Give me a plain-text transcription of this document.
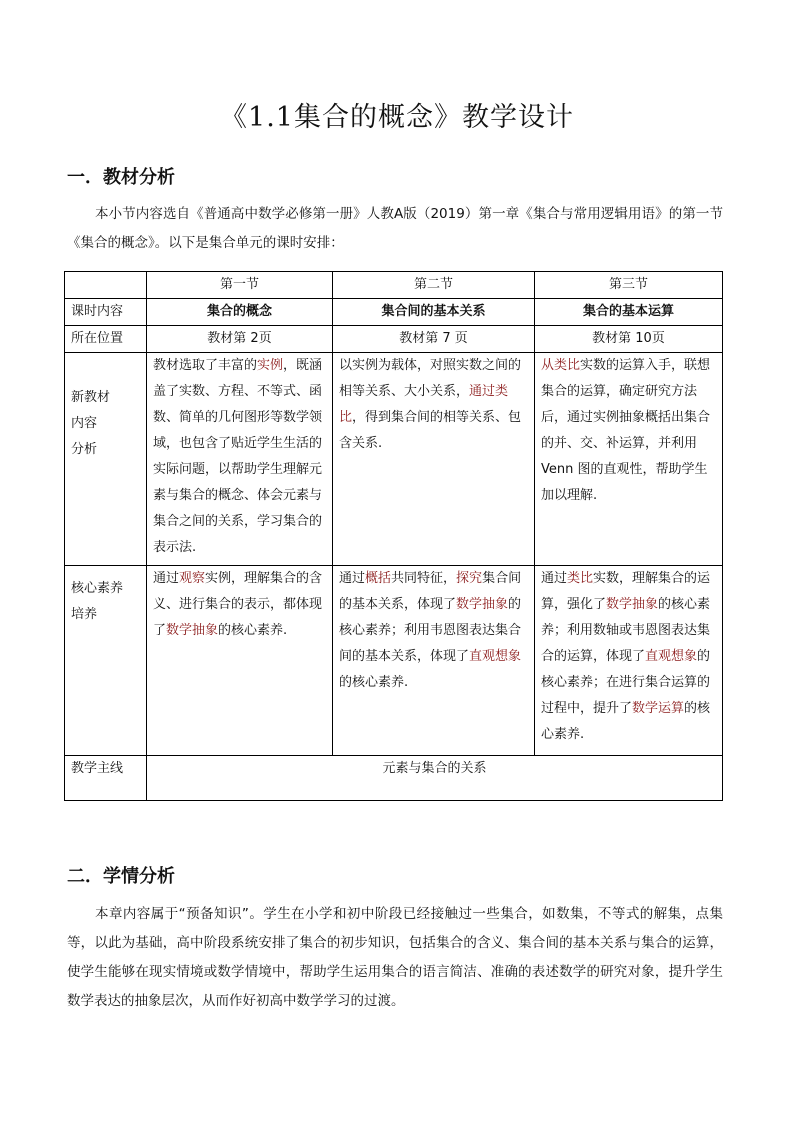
《1.1集合的概念》教学设计
一．教材分析
本小节内容选自《普通高中数学必修第一册》人教A版（2019）第一章《集合与常用逻辑用语》的第一节《集合的概念》。以下是集合单元的课时安排：
	第一节	第二节	第三节
课时内容	集合的概念	集合间的基本关系	集合的基本运算
所在位置	教材第 2页	教材第 7 页	教材第 10页

新教材
内容
分析	教材选取了丰富的实例，既涵盖了实数、方程、不等式、函数、简单的几何图形等数学领域，也包含了贴近学生生活的实际问题，以帮助学生理解元素与集合的概念、体会元素与集合之间的关系，学习集合的表示法.	以实例为载体，对照实数之间的相等关系、大小关系，通过类比，得到集合间的相等关系、包含关系.	从类比实数的运算入手，联想集合的运算，确定研究方法后，通过实例抽象概括出集合的并、交、补运算，并利用 Venn 图的直观性，帮助学生加以理解.

核心素养
培养	通过观察实例，理解集合的含义、进行集合的表示，都体现了数学抽象的核心素养.	通过概括共同特征，探究集合间的基本关系，体现了数学抽象的核心素养；利用韦恩图表达集合间的基本关系，体现了直观想象的核心素养.	通过类比实数，理解集合的运算，强化了数学抽象的核心素养；利用数轴或韦恩图表达集合的运算，体现了直观想象的核心素养；在进行集合运算的过程中，提升了数学运算的核心素养.
教学主线	元素与集合的关系		
二．学情分析
本章内容属于“预备知识”。学生在小学和初中阶段已经接触过一些集合，如数集，不等式的解集，点集等，以此为基础，高中阶段系统安排了集合的初步知识，包括集合的含义、集合间的基本关系与集合的运算，使学生能够在现实情境或数学情境中，帮助学生运用集合的语言简洁、准确的表述数学的研究对象，提升学生数学表达的抽象层次，从而作好初高中数学学习的过渡。
